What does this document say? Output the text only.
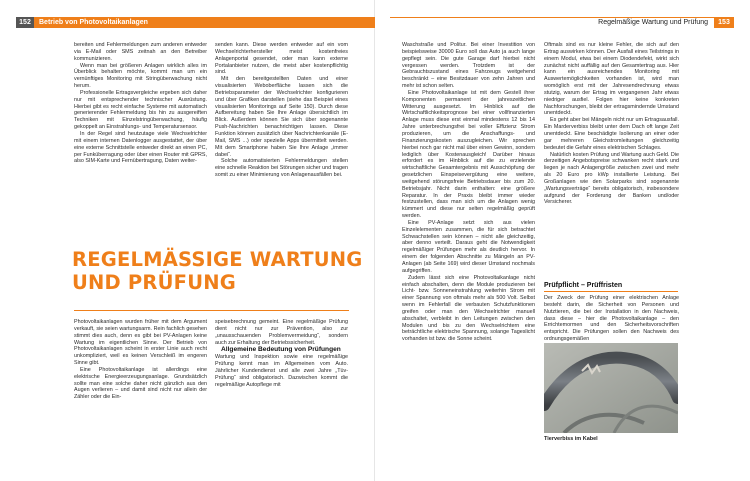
152	Betrieb von Photovoltaikanlagen	Regelmäßige Wartung und Prüfung	153

bereiten und Fehlermeldungen zum anderen entweder via E-Mail oder SMS zeitnah an den Betreiber kommunizieren.

Wenn man bei größeren Anlagen wirklich alles im Überblick behalten möchte, kommt man um ein vernünftiges Monitoring mit Stringüberwachung nicht herum.

Professionelle Ertragsvergleiche ergeben sich daher nur mit entsprechender technischer Ausrüstung. Hierbei gibt es recht einfache Systeme mit automatisch generierender Fehlermeldung bis hin zu ausgereiften Techniken mit Einzelstringüberwachung, häufig gekoppelt an Einstrahlungs- und Temperatursensor.

In der Regel sind heutzutage viele Wechselrichter mit einem internen Datenlogger ausgestattet, der über eine externe Schnittstelle entweder direkt an einen PC, per Funküberragung oder über einen Router mit GPRS, also SIM-Karte und Fernübertragung, Daten weiter-

senden kann. Diese werden entweder auf ein vom Wechselrichterhersteller meist kostenfreies Anlagenportal gesendet, oder man kann externe Portalanbieter nutzen, die meist aber kostenpflichtig sind.

Mit den bereitgestellten Daten und einer visualisierten Weboberfläche lassen sich die Betriebsparameter der Wechselrichter konfigurieren und über Grafiken darstellen (siehe das Beispiel eines visualisierten Monitorings auf Seite 150). Durch diese Aufbereitung haben Sie Ihre Anlage übersichtlich im Blick. Außerdem können Sie sich über sogenannte Push-Nachrichten benachrichtigen lassen. Diese Funktion können zusätzlich über Nachrichtenkanäle (E-Mail, SMS ...) oder spezielle Apps übermittelt werden. Mit dem Smartphone haben Sie Ihre Anlage „immer dabei“.

Solche automatisierten Fehlermeldungen stellen eine schnelle Reaktion bei Störungen sicher und tragen somit zu einer Minimierung von Anlagenausfällen bei.

REGELMÄSSIGE WARTUNG UND PRÜFUNG

Photovoltaikanlagen wurden früher mit dem Argument verkauft, sie seien wartungsarm. Rein fachlich gesehen stimmt dies auch, denn es gibt bei PV-Anlagen keine Wartung im eigentlichen Sinne. Der Betrieb von Photovoltaikanlagen scheint in erster Linie auch recht unkompliziert, weil es keinen Verschleiß im engeren Sinne gibt.

Eine Photovoltaikanlage ist allerdings eine elektrische Energieerzeugungsanlage. Grundsätzlich sollte man eine solche daher nicht gänzlich aus den Augen verlieren – und damit sind nicht nur allein der Zähler oder die Ein-

speisebrechnung gemeint. Eine regelmäßige Prüfung dient nicht nur zur Prävention, also zur „unausschauenden Problemvermeidung“, sondern auch zur Erhaltung der Betriebssicherheit.

Allgemeine Bedeutung von Prüfungen

Wartung und Inspektion sowie eine regelmäßige Prüfung kennt man im Allgemeinen vom Auto. Jährlicher Kundendienst und alle zwei Jahre „Tüv-Prüfung“ sind obligatorisch. Dazwischen kommt die regelmäßige Autopflege mit

Waschstraße und Politur. Bei einer Investition von beispielsweise 30000 Euro soll das Auto ja auch lange gepflegt sein. Die gute Garage darf hierbei nicht vergessen werden. Trotzdem ist der Gebrauchtszustand eines Fahrzeugs weitgehend beschränkt – eine Besitzdauer von zehn Jahren und mehr ist schon selten.

Eine Photovoltaikanlage ist mit dem Gestell ihrer Komponenten permanent der jahreszeitlichen Witterung ausgesetzt. Im Hinblick auf die Wirtschaftlichkeitsprognose bei einer vollfinanzierten Anlage muss diese erst einmal mindestens 12 bis 14 Jahre unterbrechungsfrei bei voller Effizienz Strom produzieren, um die Anschaffungs- und Finanzierungskosten auszugleichen. Wir sprechen hierbei noch gar nicht mal über einen Gewinn, sondern lediglich über Kostenausgleich! Darüber hinaus erfordert es im Hinblick auf die zu erzielende wirtschaftliche Gesamtergebnis mit Ausschöpfung der gesetzlichen Einspeisevergütung eine weitere, weitgehend störungsfreie Betriebsdauer bis zum 20. Betriebsjahr. Nicht darin enthalten: eine größere Reparatur. In der Praxis bleibt immer wieder festzustellen, dass man sich um die Anlagen wenig kümmert und diese nur selten regelmäßig geprüft werden.

Eine PV-Anlage setzt sich aus vielen Einzelelementen zusammen, die für sich betrachtet Schwachstellen sein können – nicht alle gleichzeitig, aber denno verteilt. Daraus geht die Notwendigkeit regelmäßiger Prüfungen mehr als deutlich hervor. In einem der folgenden Abschnitte zu Mängeln an PV-Anlagen (ab Seite 169) wird dieser Umstand nochmals aufgegriffen.

Zudem lässt sich eine Photovoltaikanlage nicht einfach abschalten, denn die Module produzieren bei Licht- bzw. Sonneneinstrahlung weiterhin Strom mit einer Spannung von oftmals mehr als 500 Volt. Selbst wenn im Fehlerfall die verbauten Schutzfunktionen greifen oder man den Wechselrichter manuell abschaltet, verbleibt in den Leitungen zwischen den Modulen und bis zu den Wechselrichtern eine beträchtliche elektrische Spannung, solange Tageslicht vorhanden ist bzw. die Sonne scheint.

Oftmals sind es nur kleine Fehler, die sich auf den Ertrag auswirken können. Der Ausfall eines Teilstrings in einem Modul, etwa bei einem Diodendefekt, wirkt sich zunächst nicht auffällig auf den Gesamtertrag aus. Hier kann ein ausreichendes Monitoring mit Auswertemöglichkeiten vorhanden ist, wird man womöglich erst mit der Jahresendrechnung etwas stutzig, warum der Ertrag im vergangenen Jahr etwas niedriger ausfiel. Folgen hier keine konkreten Nachforschungen, bleibt der ertragsmindernde Umstand unentdeckt.

Es geht aber bei Mängeln nicht nur um Ertragsausfall. Ein Marderverbiss bleibt unter dem Dach oft lange Zeit unentdeckt. Eine beschädigte Isolierung an einer oder gar mehreren Gleichstromleitungen gleichzeitig bedeutet die Gefahr eines elektrischen Schlages.

Natürlich kosten Prüfung und Wartung auch Geld. Die derzeitigen Angebotspreise schwanken recht stark und liegen je nach Anlagengröße zwischen zwei und mehr als 20 Euro pro kWp installierte Leistung. Bei Großanlagen wie den Solarparks sind sogenannte „Wartungsverträge“ bereits obligatorisch, insbesondere aufgrund der Forderung der Banken und/oder Versicherer.

Prüfpflicht – Prüffristen

Der Zweck der Prüfung einer elektrischen Anlage besteht darin, die Sicherheit von Personen und Nutztieren, die bei der Installation in den Nachweis, dass diese – hier die Photovoltaikanlage – den Errichtemormen und den Sicherheitsvorschriften entspricht. Die Prüfungen sollen den Nachweis des ordnungsgemäßen

Tierverbiss im Kabel
